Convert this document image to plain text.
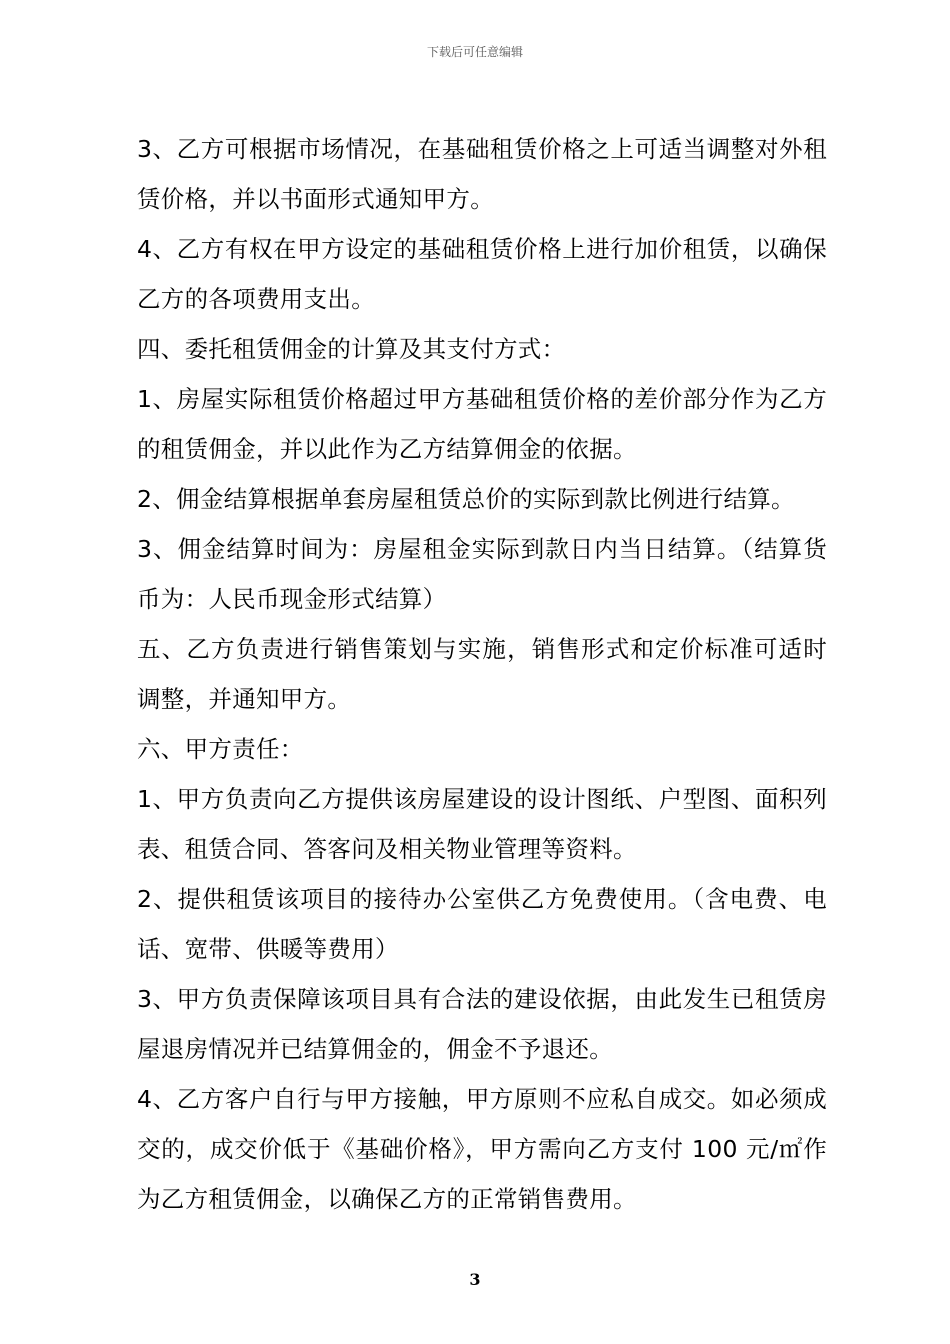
下载后可任意编辑

3、乙方可根据市场情况，在基础租赁价格之上可适当调整对外租赁价格，并以书面形式通知甲方。

4、乙方有权在甲方设定的基础租赁价格上进行加价租赁，以确保乙方的各项费用支出。

四、委托租赁佣金的计算及其支付方式：

1、房屋实际租赁价格超过甲方基础租赁价格的差价部分作为乙方的租赁佣金，并以此作为乙方结算佣金的依据。

2、佣金结算根据单套房屋租赁总价的实际到款比例进行结算。

3、佣金结算时间为：房屋租金实际到款日内当日结算。（结算货币为：人民币现金形式结算）

五、乙方负责进行销售策划与实施，销售形式和定价标准可适时调整，并通知甲方。

六、甲方责任：

1、甲方负责向乙方提供该房屋建设的设计图纸、户型图、面积列表、租赁合同、答客问及相关物业管理等资料。

2、提供租赁该项目的接待办公室供乙方免费使用。（含电费、电话、宽带、供暖等费用）

3、甲方负责保障该项目具有合法的建设依据，由此发生已租赁房屋退房情况并已结算佣金的，佣金不予退还。

4、乙方客户自行与甲方接触，甲方原则不应私自成交。如必须成交的，成交价低于《基础价格》，甲方需向乙方支付 100 元/㎡作为乙方租赁佣金，以确保乙方的正常销售费用。

3
